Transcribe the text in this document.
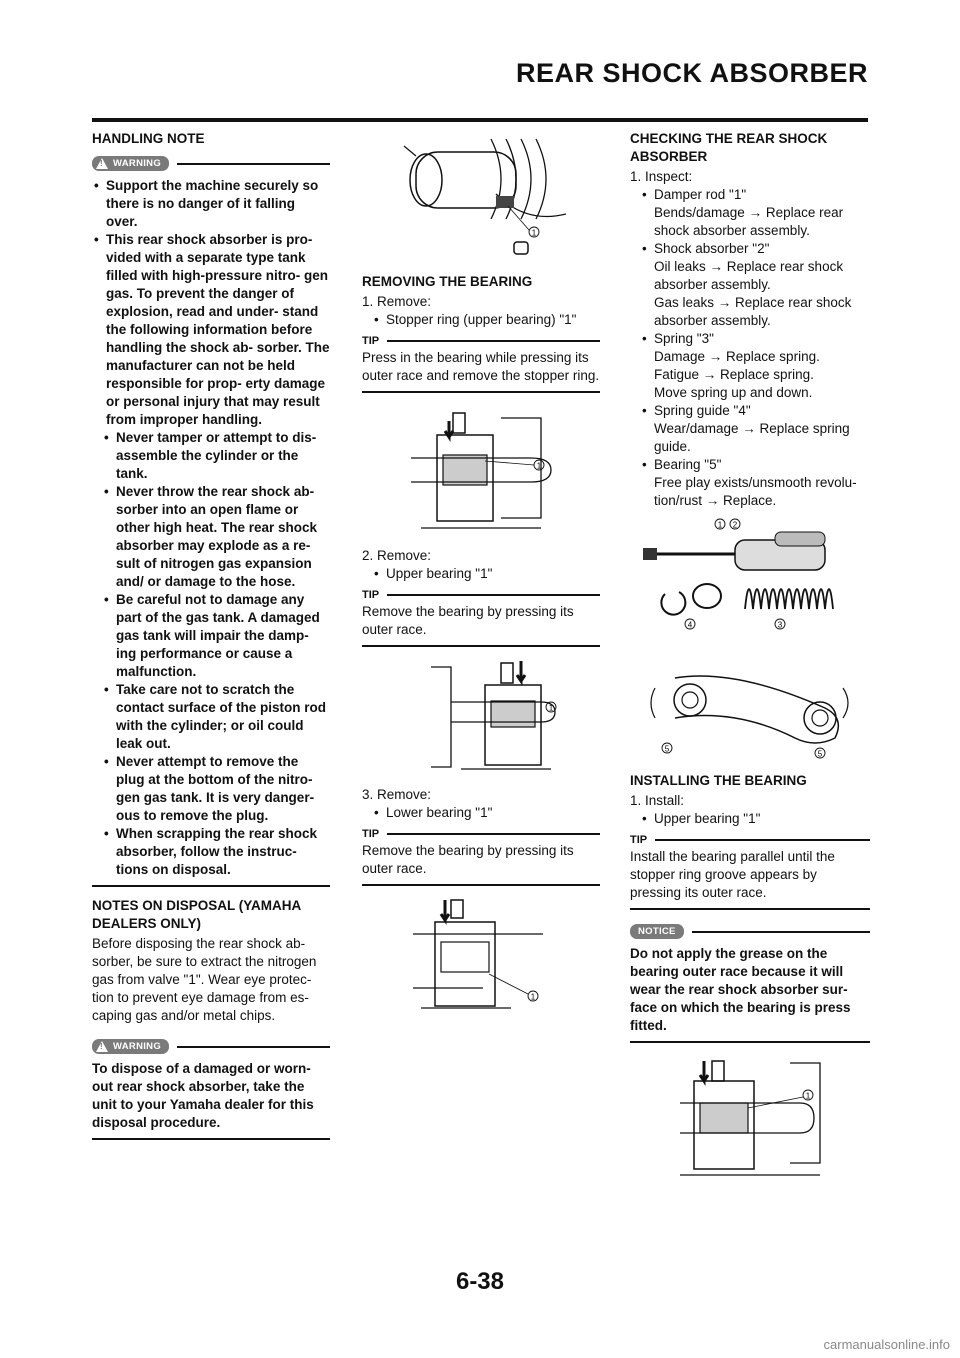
REAR SHOCK ABSORBER

HANDLING NOTE

! WARNING
• Support the machine securely so there is no danger of it falling over.
• This rear shock absorber is pro- vided with a separate type tank filled with high-pressure nitro- gen gas. To prevent the danger of explosion, read and under- stand the following information before handling the shock ab- sorber. The manufacturer can not be held responsible for prop- erty damage or personal injury that may result from improper handling.
• Never tamper or attempt to dis- assemble the cylinder or the tank.
• Never throw the rear shock ab- sorber into an open flame or other high heat. The rear shock absorber may explode as a re- sult of nitrogen gas expansion and/ or damage to the hose.
• Be careful not to damage any part of the gas tank. A damaged gas tank will impair the damp- ing performance or cause a malfunction.
• Take care not to scratch the contact surface of the piston rod with the cylinder; or oil could leak out.
• Never attempt to remove the plug at the bottom of the nitro- gen gas tank. It is very danger- ous to remove the plug.
• When scrapping the rear shock absorber, follow the instruc- tions on disposal.

NOTES ON DISPOSAL (YAMAHA DEALERS ONLY)

Before disposing the rear shock ab- sorber, be sure to extract the nitrogen gas from valve "1". Wear eye protec- tion to prevent eye damage from es- caping gas and/or metal chips.

! WARNING

To dispose of a damaged or worn- out rear shock absorber, take the unit to your Yamaha dealer for this disposal procedure.

1

REMOVING THE BEARING

1. Remove:

• Stopper ring (upper bearing) "1"

TIP

Press in the bearing while pressing its outer race and remove the stopper ring.

1

2. Remove:

• Upper bearing "1"

TIP

Remove the bearing by pressing its outer race.

1

3. Remove:

• Lower bearing "1"

TIP

Remove the bearing by pressing its outer race.

1

CHECKING THE REAR SHOCK ABSORBER

1. Inspect:

• Damper rod "1"

Bends/damage → Replace rear shock absorber assembly.

• Shock absorber "2"

Oil leaks → Replace rear shock absorber assembly.

Gas leaks → Replace rear shock absorber assembly.

• Spring "3"

Damage → Replace spring.

Fatigue → Replace spring.

Move spring up and down.

• Spring guide "4"

Wear/damage → Replace spring guide.

• Bearing "5"

Free play exists/unsmooth revolu- tion/rust → Replace.

1 2
4	3
5
5

INSTALLING THE BEARING

1. Install:

• Upper bearing "1"

TIP

Install the bearing parallel until the stopper ring groove appears by pressing its outer race.

NOTICE

Do not apply the grease on the bearing outer race because it will wear the rear shock absorber sur- face on which the bearing is press fitted.

1
6-38
carmanualsonline.info
